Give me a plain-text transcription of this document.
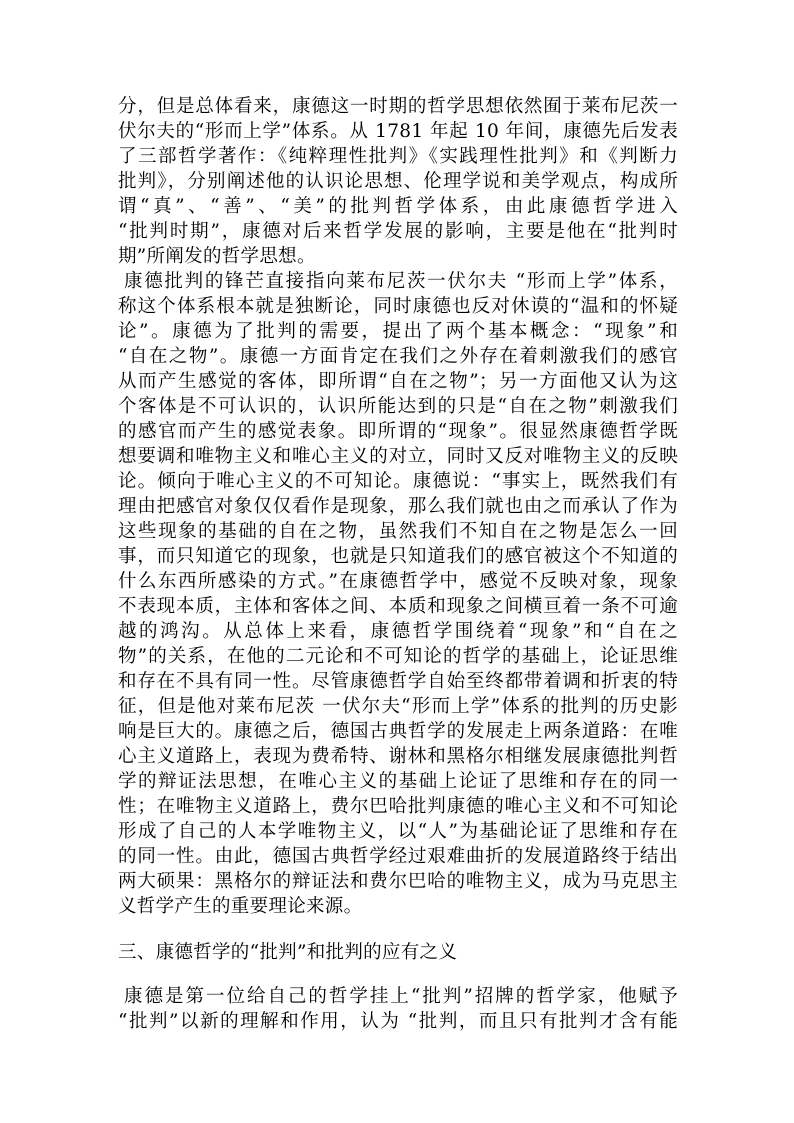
分，但是总体看来，康德这一时期的哲学思想依然囿于莱布尼茨一
伏尔夫的“形而上学”体系。从 1781 年起 10 年间，康德先后发表
了三部哲学著作：《纯粹理性批判》《实践理性批判》和《判断力
批判》，分别阐述他的认识论思想、伦理学说和美学观点，构成所
谓“真”、“善”、“美”的批判哲学体系，由此康德哲学进入
“批判时期”，康德对后来哲学发展的影响，主要是他在“批判时
期”所阐发的哲学思想。
康德批判的锋芒直接指向莱布尼茨一伏尔夫 “形而上学”体系，
称这个体系根本就是独断论，同时康德也反对休谟的“温和的怀疑
论”。康德为了批判的需要，提出了两个基本概念：“现象”和
“自在之物”。康德一方面肯定在我们之外存在着刺激我们的感官
从而产生感觉的客体，即所谓“自在之物”；另一方面他又认为这
个客体是不可认识的，认识所能达到的只是“自在之物”刺激我们
的感官而产生的感觉表象。即所谓的“现象”。很显然康德哲学既
想要调和唯物主义和唯心主义的对立，同时又反对唯物主义的反映
论。倾向于唯心主义的不可知论。康德说：“事实上，既然我们有
理由把感官对象仅仅看作是现象，那么我们就也由之而承认了作为
这些现象的基础的自在之物，虽然我们不知自在之物是怎么一回
事，而只知道它的现象，也就是只知道我们的感官被这个不知道的
什么东西所感染的方式。”在康德哲学中，感觉不反映对象，现象
不表现本质，主体和客体之间、本质和现象之间横亘着一条不可逾
越的鸿沟。从总体上来看，康德哲学围绕着“现象”和“自在之
物”的关系，在他的二元论和不可知论的哲学的基础上，论证思维
和存在不具有同一性。尽管康德哲学自始至终都带着调和折衷的特
征，但是他对莱布尼茨 一伏尔夫“形而上学”体系的批判的历史影
响是巨大的。康德之后，德国古典哲学的发展走上两条道路：在唯
心主义道路上，表现为费希特、谢林和黑格尔相继发展康德批判哲
学的辩证法思想，在唯心主义的基础上论证了思维和存在的同一
性；在唯物主义道路上，费尔巴哈批判康德的唯心主义和不可知论
形成了自己的人本学唯物主义，以“人”为基础论证了思维和存在
的同一性。由此，德国古典哲学经过艰难曲折的发展道路终于结出
两大硕果：黑格尔的辩证法和费尔巴哈的唯物主义，成为马克思主
义哲学产生的重要理论来源。
三、康德哲学的“批判”和批判的应有之义
康德是第一位给自己的哲学挂上“批判”招牌的哲学家，他赋予
“批判”以新的理解和作用，认为 “批判，而且只有批判才含有能
